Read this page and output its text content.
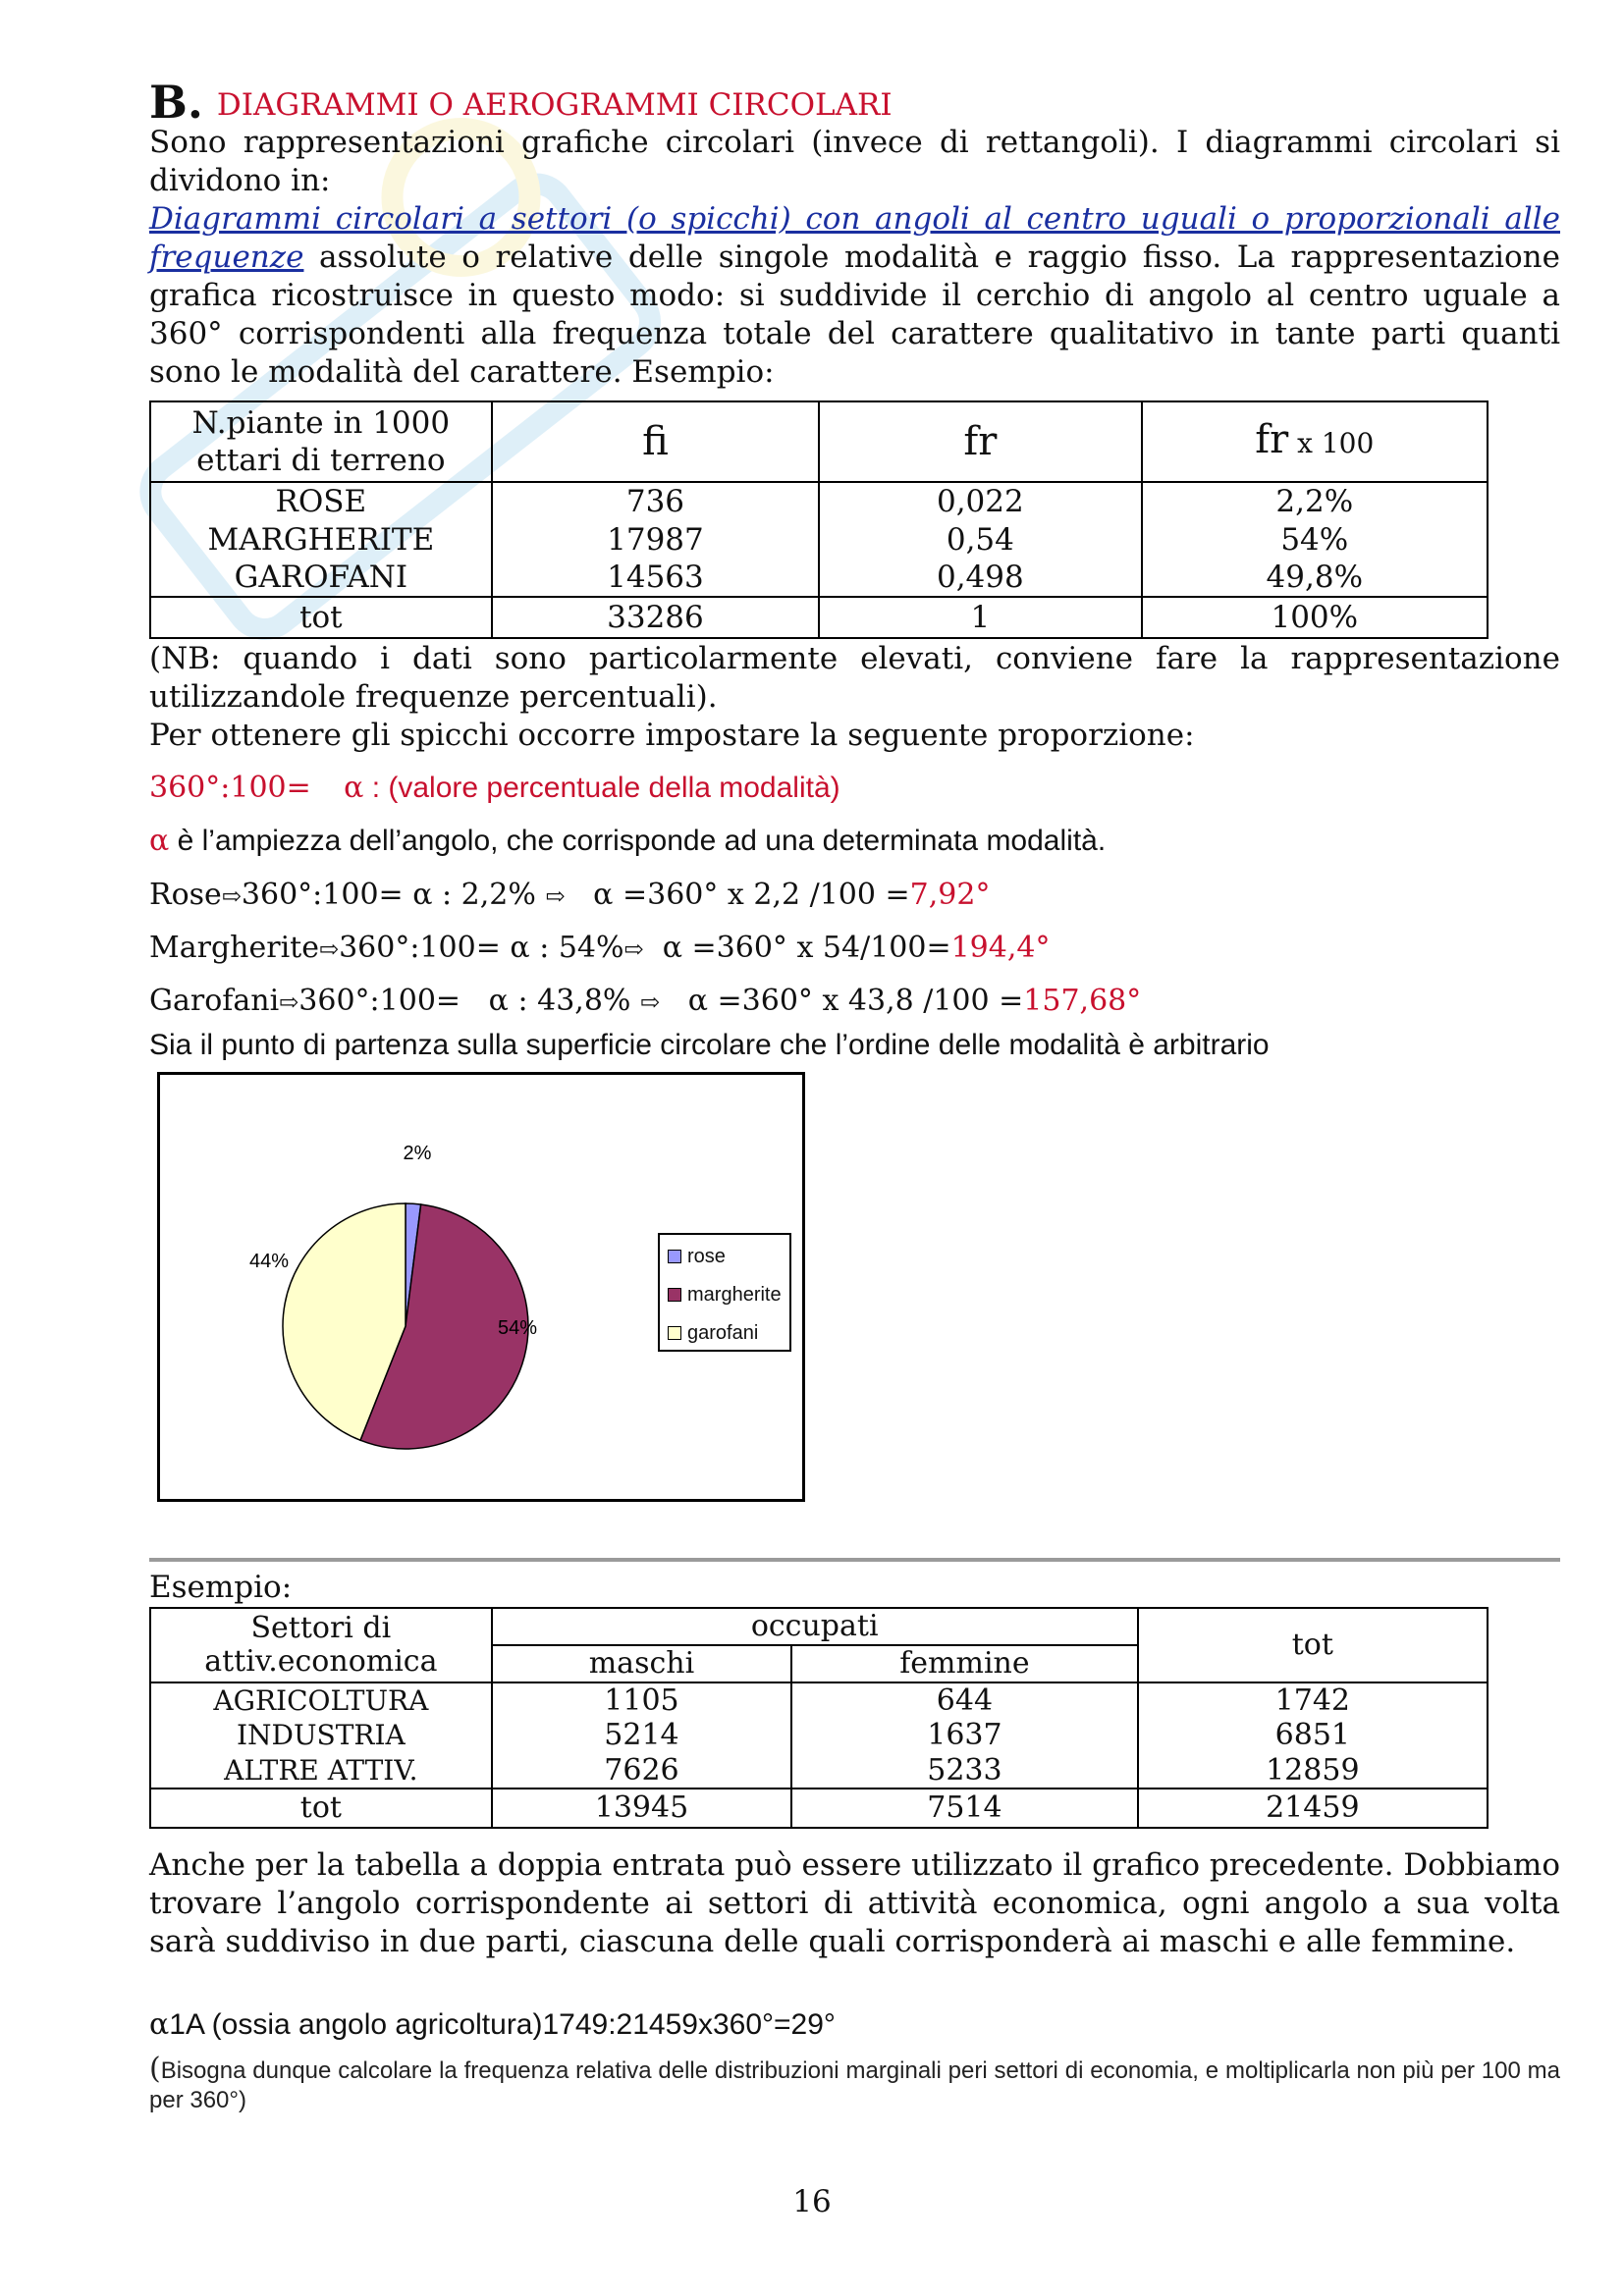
B. DIAGRAMMI O AEROGRAMMI CIRCOLARI

Sono rappresentazioni grafiche circolari (invece di rettangoli). I diagrammi circolari si dividono in:

Diagrammi circolari a settori (o spicchi) con angoli al centro uguali o proporzionali alle frequenze assolute o relative delle singole modalità e raggio fisso. La rappresentazione grafica ricostruisce in questo modo: si suddivide il cerchio di angolo al centro uguale a 360° corrispondenti alla frequenza totale del carattere qualitativo in tante parti quanti sono le modalità del carattere. Esempio:

N.piante in 1000
ettari di terreno	fi	fr	fr x 100
ROSE	736	0,022	2,2%
MARGHERITE	17987	0,54	54%
GAROFANI	14563	0,498	49,8%
tot	33286	1	100%

(NB: quando i dati sono particolarmente elevati, conviene fare la rappresentazione utilizzandole frequenze percentuali).

Per ottenere gli spicchi occorre impostare la seguente proporzione:

360°:100= α : (valore percentuale della modalità)
α è l’ampiezza dell’angolo, che corrisponde ad una determinata modalità.
Rose⇨360°:100= α : 2,2% ⇨ α =360° x 2,2 /100 =7,92°
Margherite⇨360°:100= α : 54%⇨ α =360° x 54/100=194,4°
Garofani⇨360°:100=   α : 43,8% ⇨ α =360° x 43,8 /100 =157,68°
Sia il punto di partenza sulla superficie circolare che l’ordine delle modalità è arbitrario
2%
54%
44%	rose
margherite
garofani
Esempio:
Settori di
attiv.economica	occupati		tot
	maschi	femmine	
AGRICOLTURA	1105	644	1742
INDUSTRIA	5214	1637	6851
ALTRE ATTIV.	7626	5233	12859
tot	13945	7514	21459

Anche per la tabella a doppia entrata può essere utilizzato il grafico precedente. Dobbiamo trovare l’angolo corrispondente ai settori di attività economica, ogni angolo a sua volta sarà suddiviso in due parti, ciascuna delle quali corrisponderà ai maschi e alle femmine.

α1A (ossia angolo agricoltura)1749:21459x360°=29°
(Bisogna dunque calcolare la frequenza relativa delle distribuzioni marginali peri settori di economia, e moltiplicarla non più per 100 ma per 360°)
16
